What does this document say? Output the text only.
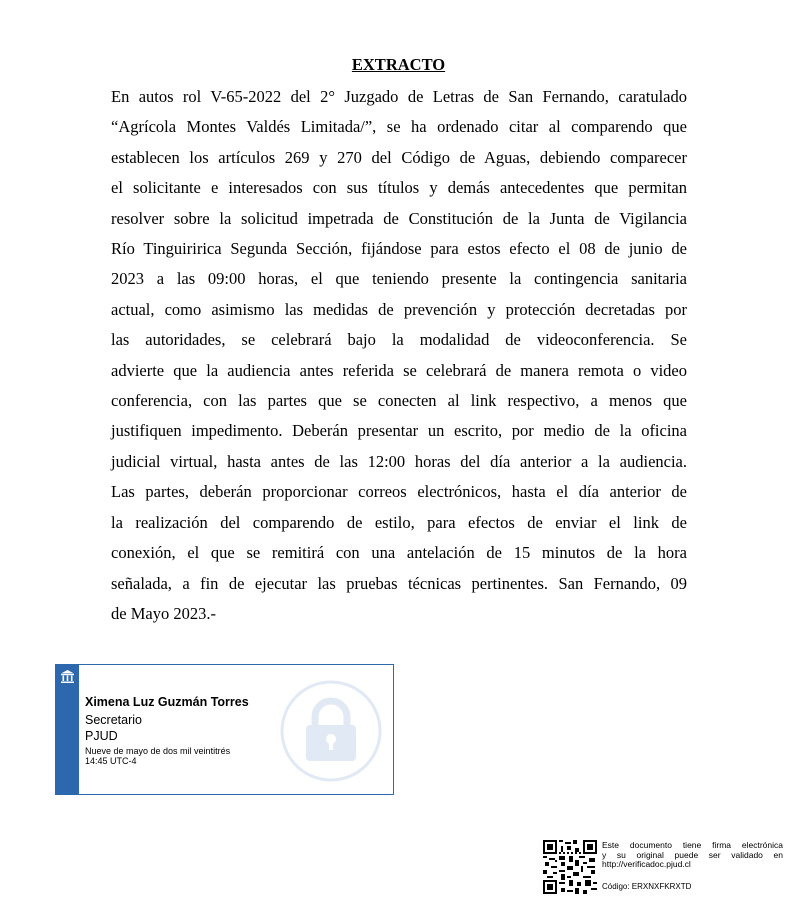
EXTRACTO
En autos rol V-65-2022 del 2° Juzgado de Letras de San Fernando, caratulado
“Agrícola Montes Valdés Limitada/”, se ha ordenado citar al comparendo que
establecen los artículos 269 y 270 del Código de Aguas, debiendo comparecer
el solicitante e interesados con sus títulos y demás antecedentes que permitan
resolver sobre la solicitud impetrada de Constitución de la Junta de Vigilancia
Río Tinguiririca Segunda Sección, fijándose para estos efecto el 08 de junio de
2023 a las 09:00 horas, el que teniendo presente la contingencia sanitaria
actual, como asimismo las medidas de prevención y protección decretadas por
las autoridades, se celebrará bajo la modalidad de videoconferencia. Se
advierte que la audiencia antes referida se celebrará de manera remota o video
conferencia, con las partes que se conecten al link respectivo, a menos que
justifiquen impedimento. Deberán presentar un escrito, por medio de la oficina
judicial virtual, hasta antes de las 12:00 horas del día anterior a la audiencia.
Las partes, deberán proporcionar correos electrónicos, hasta el día anterior de
la realización del comparendo de estilo, para efectos de enviar el link de
conexión, el que se remitirá con una antelación de 15 minutos de la hora
señalada, a fin de ejecutar las pruebas técnicas pertinentes. San Fernando, 09
de Mayo 2023.-
Ximena Luz Guzmán Torres
Secretario
PJUD
Nueve de mayo de dos mil veintitrés
14:45 UTC-4
Este documento tiene firma electrónica
y su original puede ser validado en
http://verificadoc.pjud.cl
Código: ERXNXFKRXTD
